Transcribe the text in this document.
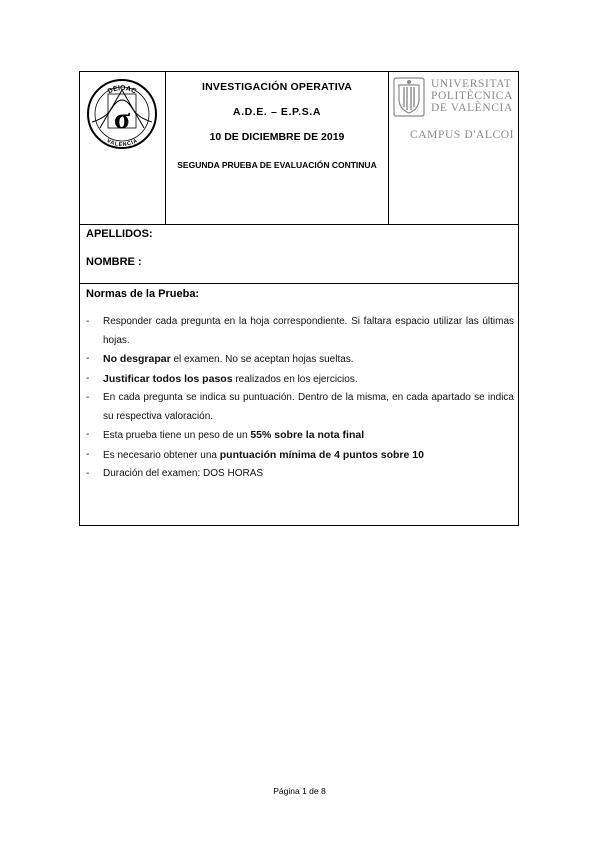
σ
DEIOAC
VALENCIA
INVESTIGACIÓN OPERATIVA
A.D.E. – E.P.S.A
10 DE DICIEMBRE DE 2019
SEGUNDA PRUEBA DE EVALUACIÓN CONTINUA
UNIVERSITAT
POLITÈCNICA
DE VALÈNCIA
CAMPUS D'ALCOI
APELLIDOS:
NOMBRE :
Normas de la Prueba:
- Responder cada pregunta en la hoja correspondiente. Si faltara espacio utilizar las últimas hojas.
- No desgrapar el examen. No se aceptan hojas sueltas.
- Justificar todos los pasos realizados en los ejercicios.
- En cada pregunta se indica su puntuación. Dentro de la misma, en cada apartado se indica su respectiva valoración.
- Esta prueba tiene un peso de un 55% sobre la nota final
- Es necesario obtener una puntuación mínima de 4 puntos sobre 10
- Duración del examen: DOS HORAS
Página 1 de 8
